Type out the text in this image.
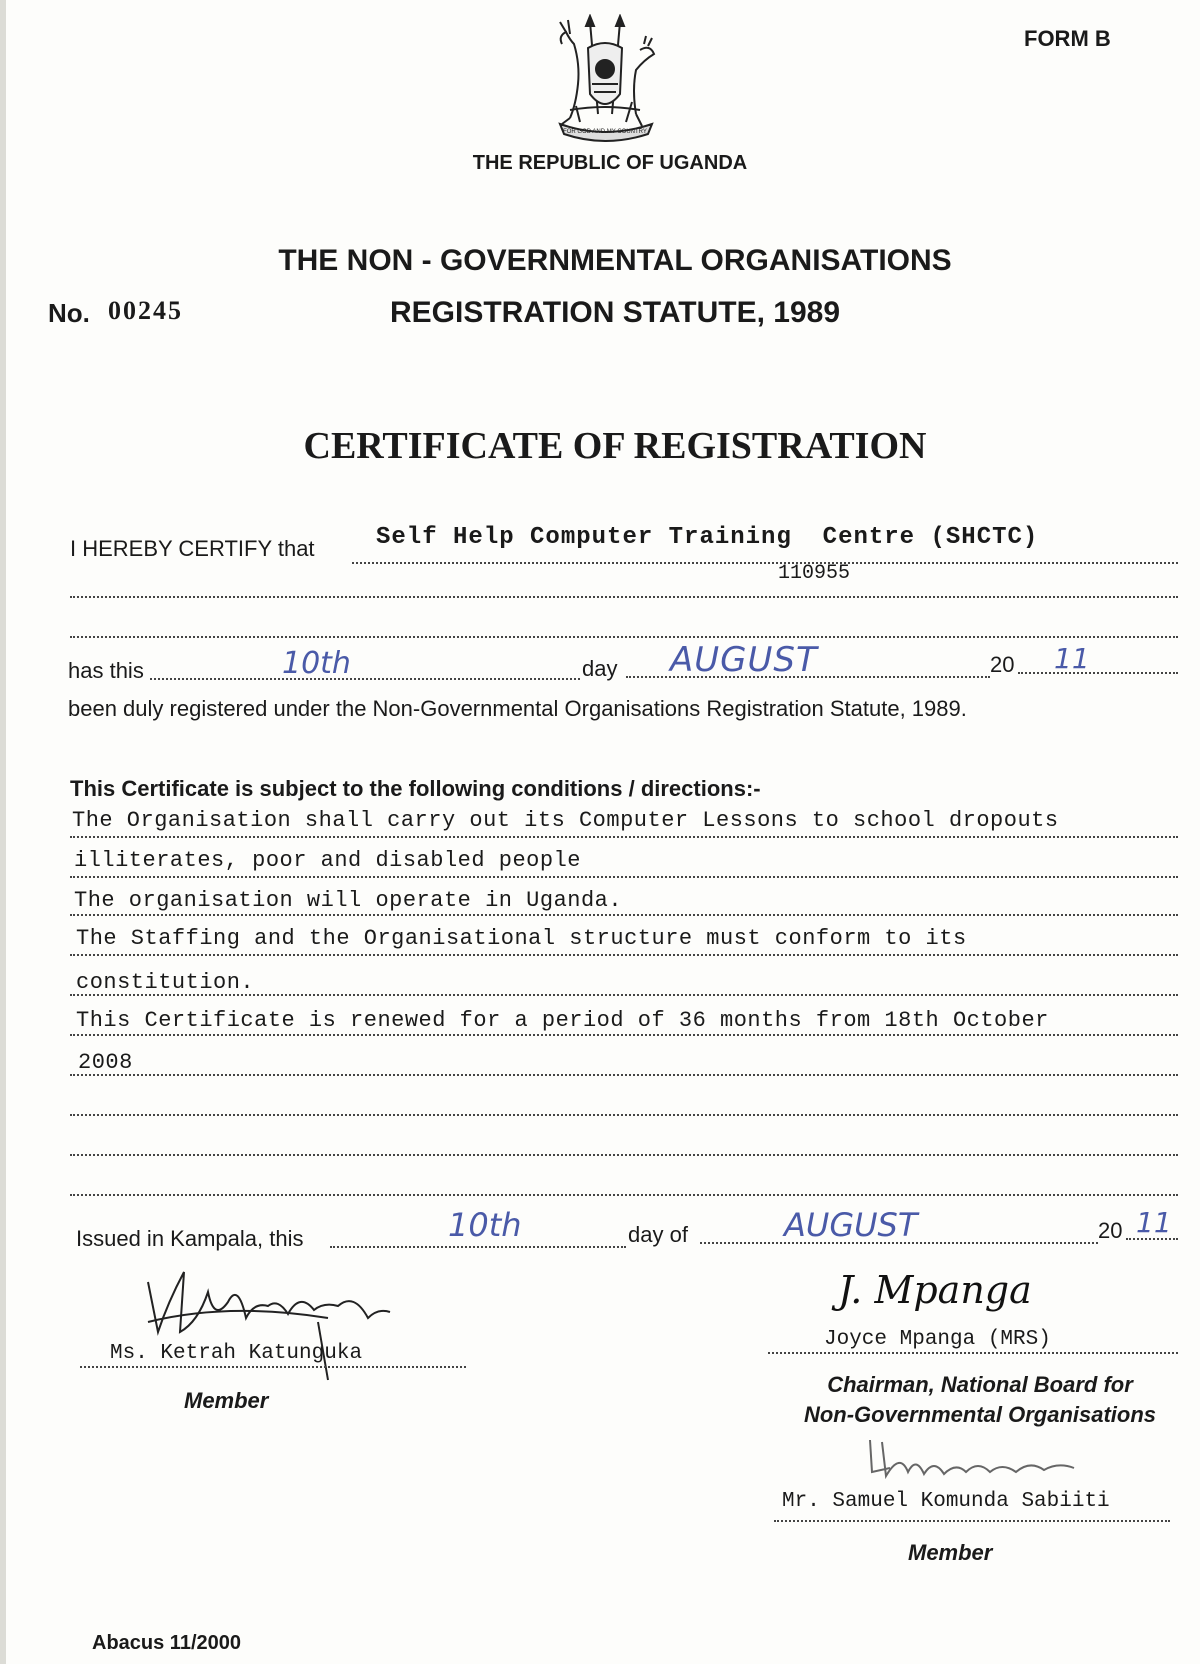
FORM B
FOR GOD AND MY COUNTRY
THE REPUBLIC OF UGANDA
THE NON - GOVERNMENTAL ORGANISATIONS
REGISTRATION STATUTE, 1989
No. 00245
CERTIFICATE OF REGISTRATION
I HEREBY CERTIFY that	Self Help Computer Training  Centre (SHCTC)
110955
has this	10th	day AUGUST	20 11
been duly registered under the Non-Governmental Organisations Registration Statute, 1989.
This Certificate is subject to the following conditions / directions:-
The Organisation shall carry out its Computer Lessons to school dropouts
illiterates, poor and disabled people
The organisation will operate in Uganda.
The Staffing and the Organisational structure must conform to its
constitution.
This Certificate is renewed for a period of 36 months from 18th October
2008
Issued in Kampala, this	10th	day of	AUGUST	20 11
Ms. Ketrah Katunguka
Member
J. Mpanga
Joyce Mpanga (MRS)
Chairman, National Board for
Non-Governmental Organisations
Mr. Samuel Komunda Sabiiti
Member
Abacus 11/2000
